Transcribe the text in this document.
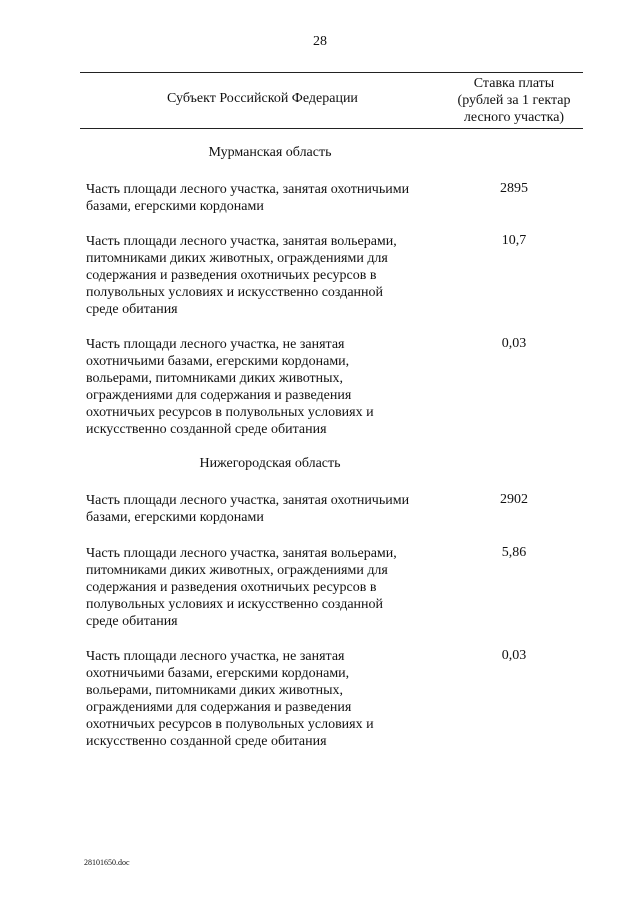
28
Субъект Российской Федерации
Ставка платы
(рублей за 1 гектар
лесного участка)
Мурманская область
Часть площади лесного участка, занятая охотничьими
базами, егерскими кордонами
2895
Часть площади лесного участка, занятая вольерами,
питомниками диких животных, ограждениями для
содержания и разведения охотничьих ресурсов в
полувольных условиях и искусственно созданной
среде обитания
10,7
Часть площади лесного участка, не занятая
охотничьими базами, егерскими кордонами,
вольерами, питомниками диких животных,
ограждениями для содержания и разведения
охотничьих ресурсов в полувольных условиях и
искусственно созданной среде обитания
0,03
Нижегородская область
Часть площади лесного участка, занятая охотничьими
базами, егерскими кордонами
2902
Часть площади лесного участка, занятая вольерами,
питомниками диких животных, ограждениями для
содержания и разведения охотничьих ресурсов в
полувольных условиях и искусственно созданной
среде обитания
5,86
Часть площади лесного участка, не занятая
охотничьими базами, егерскими кордонами,
вольерами, питомниками диких животных,
ограждениями для содержания и разведения
охотничьих ресурсов в полувольных условиях и
искусственно созданной среде обитания
0,03
28101650.doc
